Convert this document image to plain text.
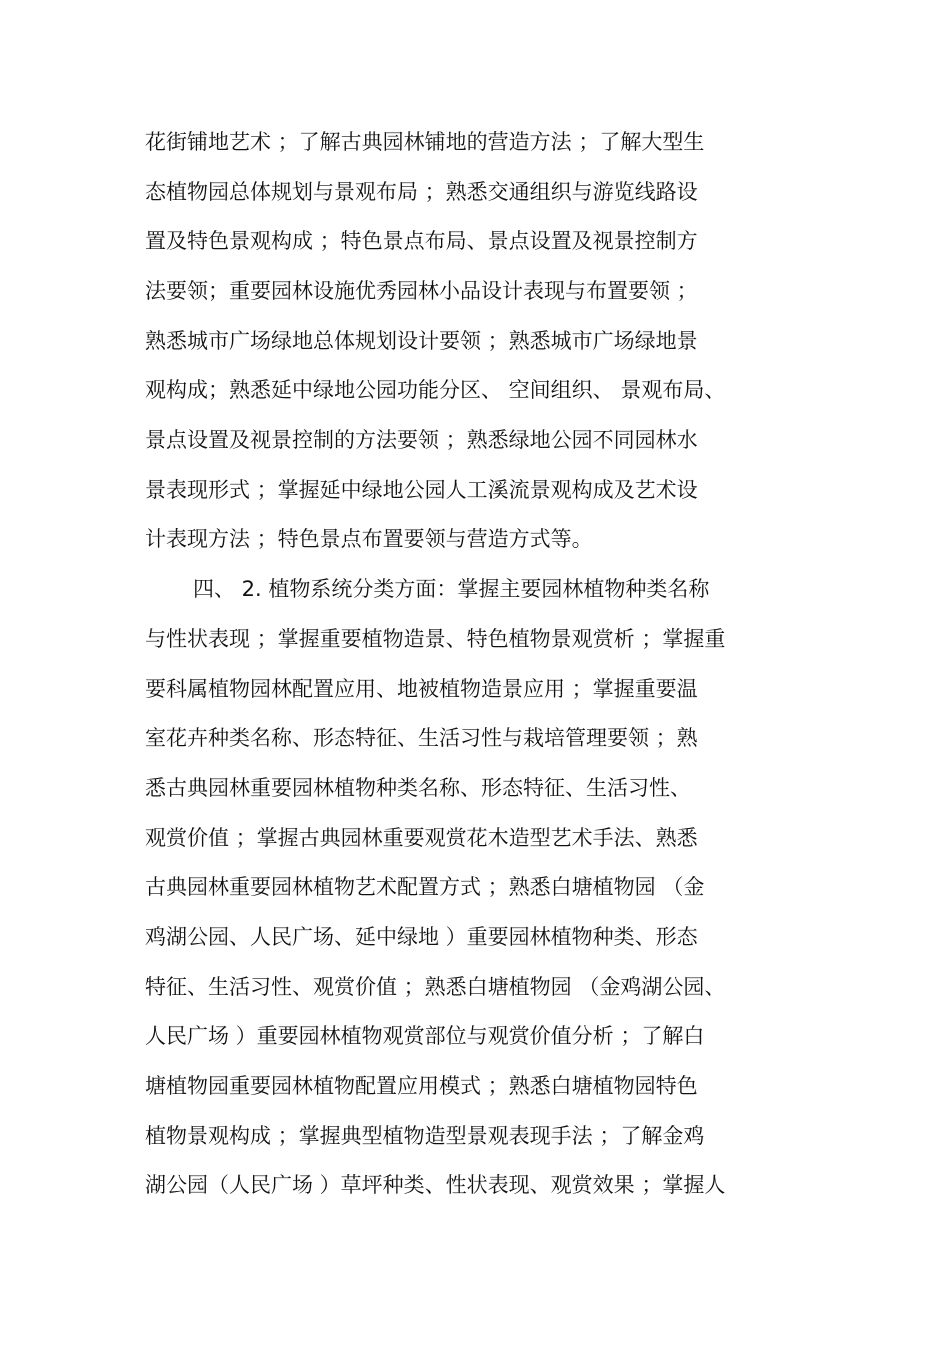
花街铺地艺术 ；了解古典园林铺地的营造方法 ；了解大型生

态植物园总体规划与景观布局 ；熟悉交通组织与游览线路设

置及特色景观构成 ；特色景点布局、景点设置及视景控制方

法要领；重要园林设施优秀园林小品设计表现与布置要领 ；

熟悉城市广场绿地总体规划设计要领 ；熟悉城市广场绿地景

观构成；熟悉延中绿地公园功能分区、 空间组织、 景观布局、

景点设置及视景控制的方法要领 ；熟悉绿地公园不同园林水

景表现形式 ；掌握延中绿地公园人工溪流景观构成及艺术设

计表现方法 ；特色景点布置要领与营造方式等。

四、 2. 植物系统分类方面：掌握主要园林植物种类名称

与性状表现 ；掌握重要植物造景、特色植物景观赏析 ；掌握重

要科属植物园林配置应用、地被植物造景应用 ；掌握重要温

室花卉种类名称、形态特征、生活习性与栽培管理要领 ；熟

悉古典园林重要园林植物种类名称、形态特征、生活习性、

观赏价值 ；掌握古典园林重要观赏花木造型艺术手法、熟悉

古典园林重要园林植物艺术配置方式 ；熟悉白塘植物园 （金

鸡湖公园、人民广场、延中绿地 ）重要园林植物种类、形态

特征、生活习性、观赏价值 ；熟悉白塘植物园 （金鸡湖公园、

人民广场 ）重要园林植物观赏部位与观赏价值分析 ；了解白

塘植物园重要园林植物配置应用模式 ；熟悉白塘植物园特色

植物景观构成 ；掌握典型植物造型景观表现手法 ；了解金鸡

湖公园（人民广场 ）草坪种类、性状表现、观赏效果 ；掌握人
